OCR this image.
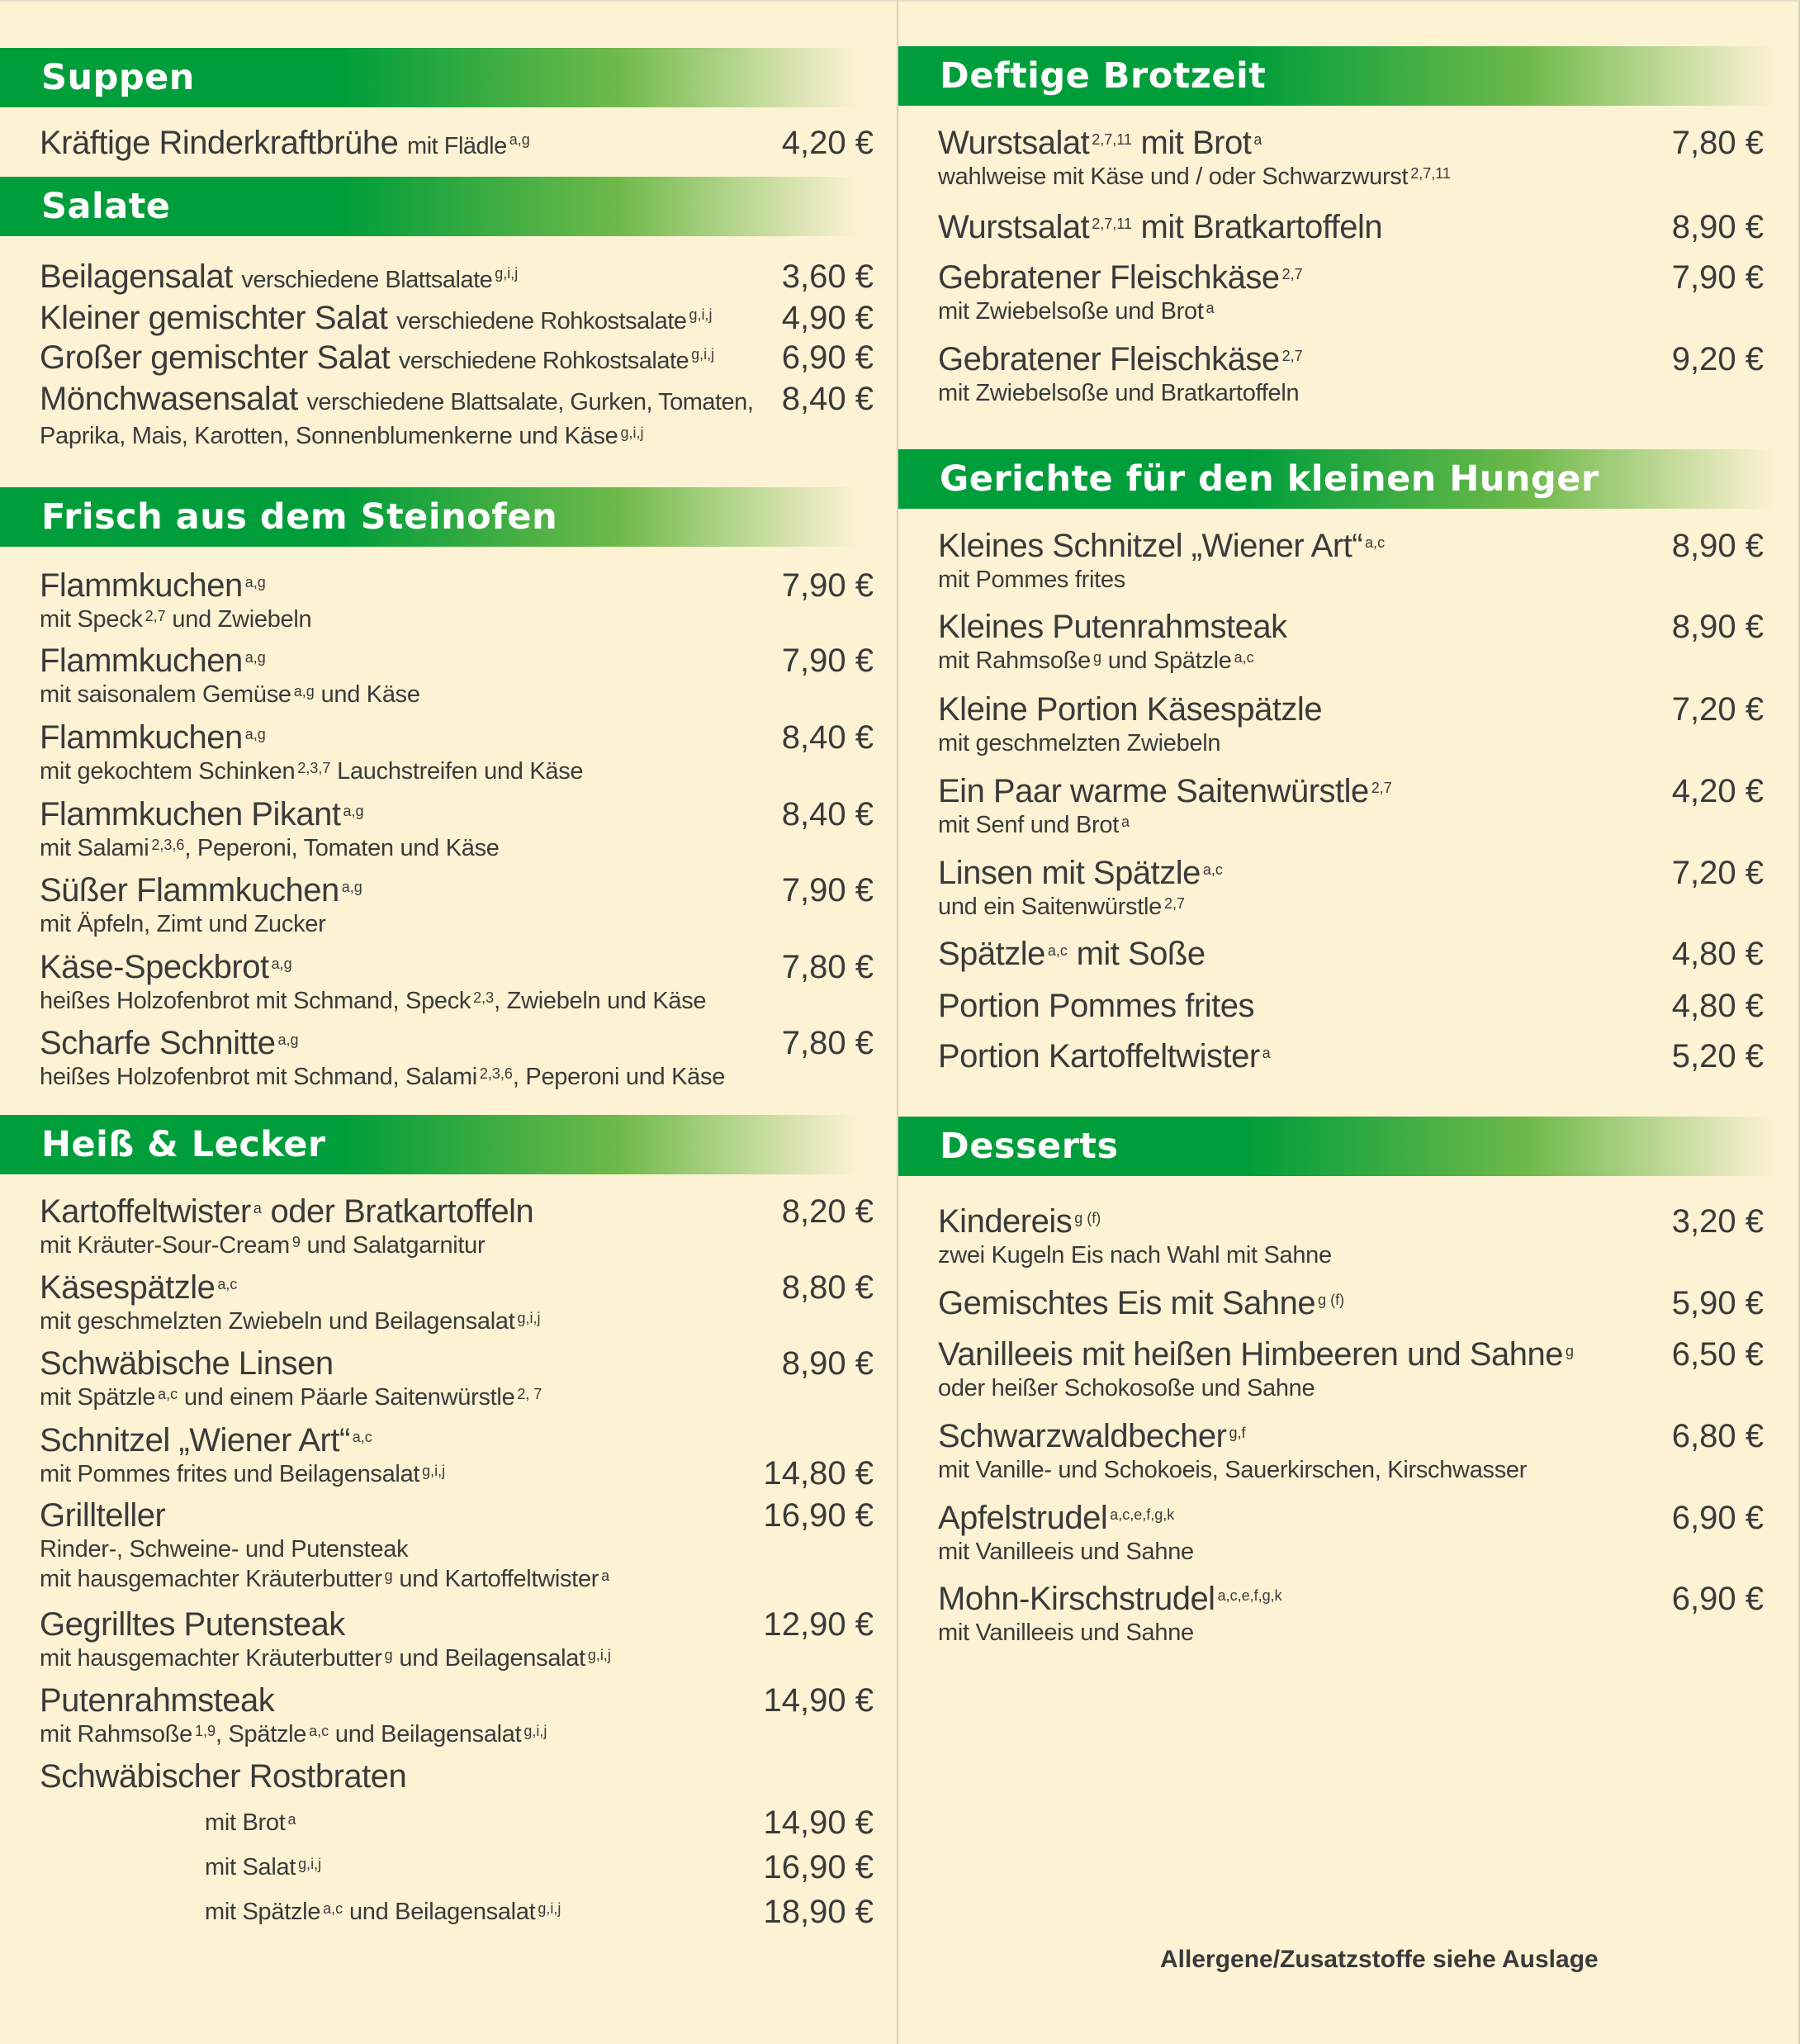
Suppen
Kräftige Rinderkraftbrühe mit Flädle $^{a,g}$	4,20 €
Salate
Beilagensalat verschiedene Blattsalate $^{g,i,j}$	3,60 €
Kleiner gemischter Salat verschiedene Rohkostsalate $^{g,i,j}$ 4,90 €
Großer gemischter Salat verschiedene Rohkostsalate $^{g,i,j}$ 6,90 €
Mönchwasensalat verschiedene Blattsalate, Gurken, Tomaten,
Paprika, Mais, Karotten, Sonnenblumenkerne und Käse $^{g,i,j}$
8,40 €
Frisch aus dem Steinofen
Flammkuchen $^{a,g}$
mit Speck $^{2,7}$ und Zwiebeln
7,90 €
Flammkuchen $^{a,g}$
mit saisonalem Gemüse $^{a,g}$ und Käse
7,90 €
Flammkuchen $^{a,g}$
mit gekochtem Schinken $^{2,3,7}$ Lauchstreifen und Käse
8,40 €
Flammkuchen Pikant $^{a,g}$
mit Salami $^{2,3,6}$, Peperoni, Tomaten und Käse
8,40 €
Süßer Flammkuchen $^{a,g}$
mit Äpfeln, Zimt und Zucker
7,90 €
Käse-Speckbrot $^{a,g}$
heißes Holzofenbrot mit Schmand, Speck $^{2,3}$, Zwiebeln und Käse
7,80 €
Scharfe Schnitte $^{a,g}$
heißes Holzofenbrot mit Schmand, Salami $^{2,3,6}$, Peperoni und Käse
7,80 €
Heiß & Lecker
Kartoffeltwister $^a$ oder Bratkartoffeln
mit Kräuter-Sour-Cream $^9$ und Salatgarnitur
8,20 €
Käsespätzle $^{a,c}$
mit geschmelzten Zwiebeln und Beilagensalat $^{g,i,j}$
8,80 €
Schwäbische Linsen
mit Spätzle $^{a,c}$ und einem Päarle Saitenwürstle $^{2, 7}$
8,90 €
Schnitzel „Wiener Art“ $^{a,c}$
mit Pommes frites und Beilagensalat $^{g,i,j}$	14,80 €
Grillteller
Rinder-, Schweine- und Putensteak
mit hausgemachter Kräuterbutter $^g$ und Kartoffeltwister $^a$
16,90 €
Gegrilltes Putensteak
mit hausgemachter Kräuterbutter $^g$ und Beilagensalat $^{g,i,j}$
12,90 €
Putenrahmsteak
mit Rahmsoße $^{1,9}$, Spätzle $^{a,c}$ und Beilagensalat $^{g,i,j}$
14,90 €
Schwäbischer Rostbraten
mit Brot $^a$	14,90 €
mit Salat $^{g,i,j}$	16,90 €
mit Spätzle $^{a,c}$ und Beilagensalat $^{g,i,j}$	18,90 €
Deftige Brotzeit
Wurstsalat $^{2,7,11}$ mit Brot $^a$
wahlweise mit Käse und / oder Schwarzwurst $^{2,7,11}$
7,80 €
Wurstsalat $^{2,7,11}$ mit Bratkartoffeln	8,90 €
Gebratener Fleischkäse $^{2,7}$
mit Zwiebelsoße und Brot $^a$
7,90 €
Gebratener Fleischkäse $^{2,7}$
mit Zwiebelsoße und Bratkartoffeln
9,20 €
Gerichte für den kleinen Hunger
Kleines Schnitzel „Wiener Art“ $^{a,c}$
mit Pommes frites
8,90 €
Kleines Putenrahmsteak
mit Rahmsoße $^g$ und Spätzle $^{a,c}$
8,90 €
Kleine Portion Käsespätzle
mit geschmelzten Zwiebeln
7,20 €
Ein Paar warme Saitenwürstle $^{2,7}$
mit Senf und Brot $^a$
4,20 €
Linsen mit Spätzle $^{a,c}$
und ein Saitenwürstle $^{2,7}$
7,20 €
Spätzle $^{a,c}$ mit Soße	4,80 €
Portion Pommes frites	4,80 €
Portion Kartoffeltwister $^a$	5,20 €
Desserts
Kindereis $^{g (f)}$
zwei Kugeln Eis nach Wahl mit Sahne
3,20 €
Gemischtes Eis mit Sahne $^{g (f)}$	5,90 €
Vanilleeis mit heißen Himbeeren und Sahne $^g$
oder heißer Schokosoße und Sahne
6,50 €
Schwarzwaldbecher $^{g,f}$
mit Vanille- und Schokoeis, Sauerkirschen, Kirschwasser
6,80 €
Apfelstrudel $^{a,c,e,f,g,k}$
mit Vanilleeis und Sahne
6,90 €
Mohn-Kirschstrudel $^{a,c,e,f,g,k}$
mit Vanilleeis und Sahne
6,90 €
Allergene/Zusatzstoffe siehe Auslage
